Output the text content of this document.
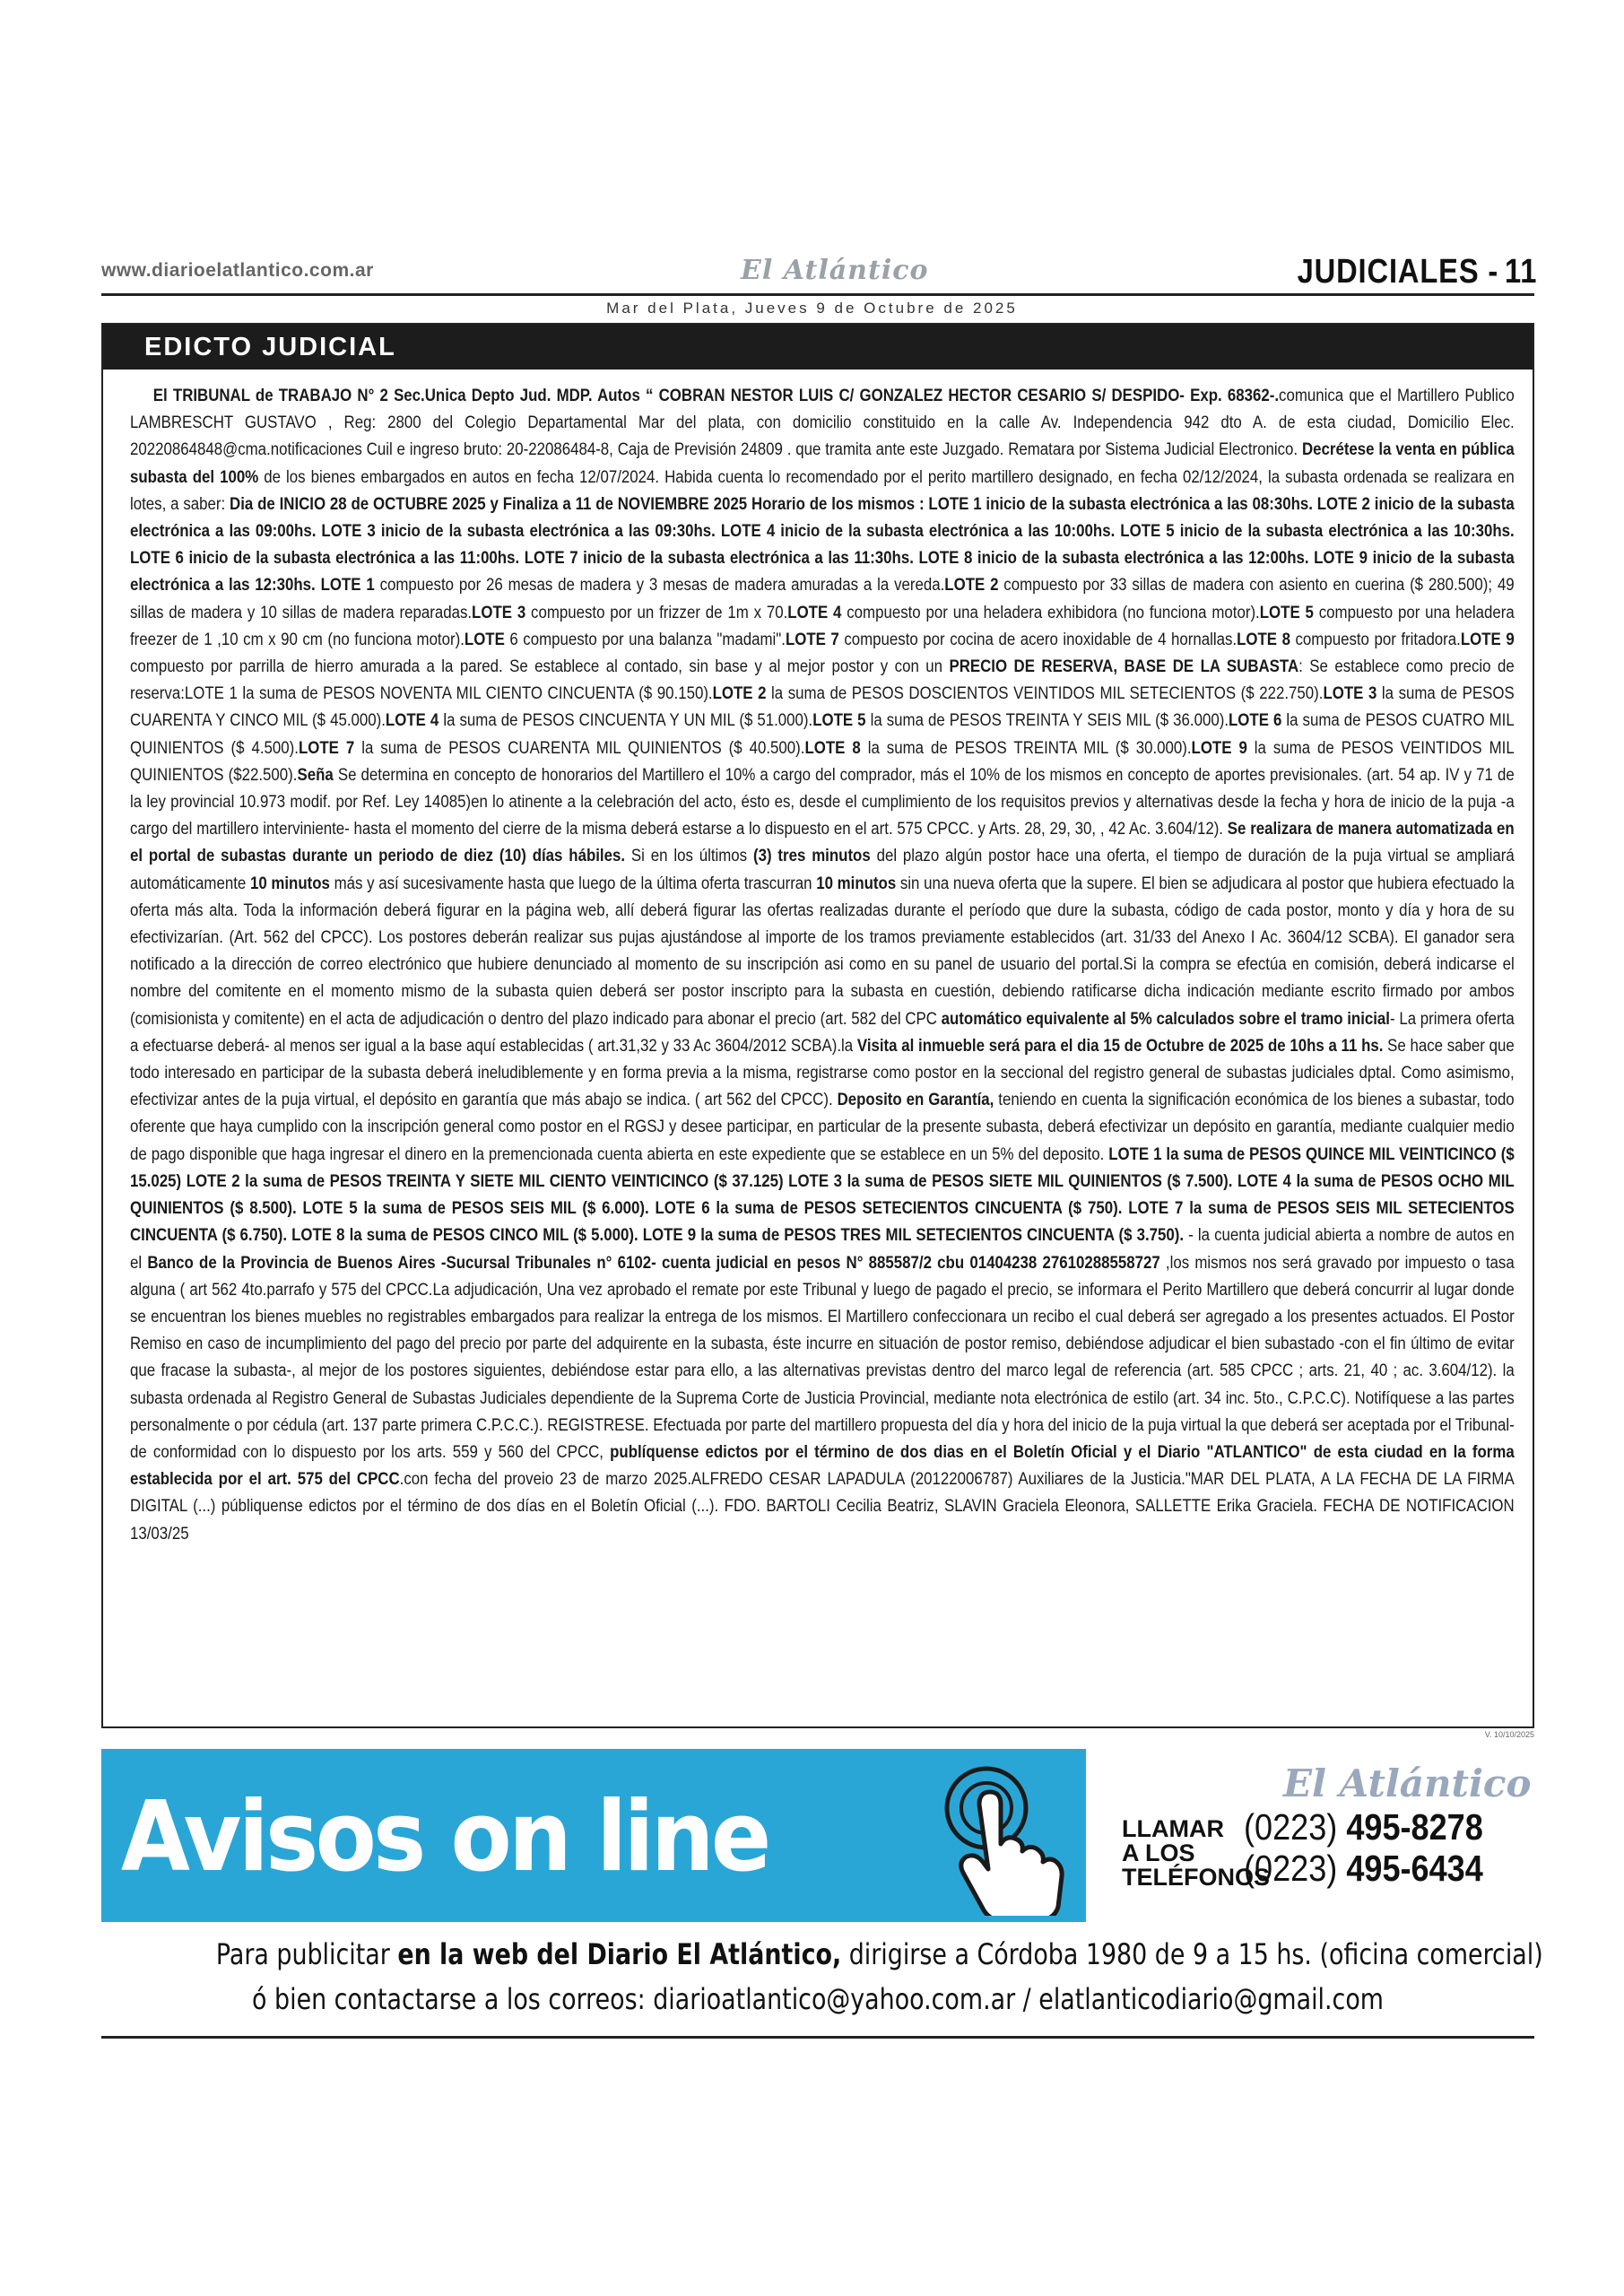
www.diarioelatlantico.com.ar	El Atlántico	JUDICIALES - 11
Mar del Plata, Jueves 9 de Octubre de 2025
EDICTO JUDICIAL

El TRIBUNAL de TRABAJO N° 2 Sec.Unica Depto Jud. MDP. Autos “ COBRAN NESTOR LUIS C/ GONZALEZ HECTOR CESARIO S/ DESPIDO- Exp. 68362-.comunica que el Martillero Publico LAMBRESCHT GUSTAVO , Reg: 2800 del Colegio Departamental Mar del plata, con domicilio constituido en la calle Av. Independencia 942 dto A. de esta ciudad, Domicilio Elec. 20220864848@cma.notificaciones Cuil e ingreso bruto: 20-22086484-8, Caja de Previsión 24809 . que tramita ante este Juzgado. Rematara por Sistema Judicial Electronico. Decrétese la venta en pública subasta del 100% de los bienes embargados en autos en fecha 12/07/2024. Habida cuenta lo recomendado por el perito martillero designado, en fecha 02/12/2024, la subasta ordenada se realizara en lotes, a saber: Dia de INICIO 28 de OCTUBRE 2025 y Finaliza a 11 de NOVIEMBRE 2025 Horario de los mismos : LOTE 1 inicio de la subasta electrónica a las 08:30hs. LOTE 2 inicio de la subasta electrónica a las 09:00hs. LOTE 3 inicio de la subasta electrónica a las 09:30hs. LOTE 4 inicio de la subasta electrónica a las 10:00hs. LOTE 5 inicio de la subasta electrónica a las 10:30hs. LOTE 6 inicio de la subasta electrónica a las 11:00hs. LOTE 7 inicio de la subasta electrónica a las 11:30hs. LOTE 8 inicio de la subasta electrónica a las 12:00hs. LOTE 9 inicio de la subasta electrónica a las 12:30hs. LOTE 1 compuesto por 26 mesas de madera y 3 mesas de madera amuradas a la vereda.LOTE 2 compuesto por 33 sillas de madera con asiento en cuerina ($ 280.500); 49 sillas de madera y 10 sillas de madera reparadas.LOTE 3 compuesto por un frizzer de 1m x 70.LOTE 4 compuesto por una heladera exhibidora (no funciona motor).LOTE 5 compuesto por una heladera freezer de 1 ,10 cm x 90 cm (no funciona motor).LOTE 6 compuesto por una balanza "madami".LOTE 7 compuesto por cocina de acero inoxidable de 4 hornallas.LOTE 8 compuesto por fritadora.LOTE 9 compuesto por parrilla de hierro amurada a la pared. Se establece al contado, sin base y al mejor postor y con un PRECIO DE RESERVA, BASE DE LA SUBASTA: Se establece como precio de reserva:LOTE 1 la suma de PESOS NOVENTA MIL CIENTO CINCUENTA ($ 90.150).LOTE 2 la suma de PESOS DOSCIENTOS VEINTIDOS MIL SETECIENTOS ($ 222.750).LOTE 3 la suma de PESOS CUARENTA Y CINCO MIL ($ 45.000).LOTE 4 la suma de PESOS CINCUENTA Y UN MIL ($ 51.000).LOTE 5 la suma de PESOS TREINTA Y SEIS MIL ($ 36.000).LOTE 6 la suma de PESOS CUATRO MIL QUINIENTOS ($ 4.500).LOTE 7 la suma de PESOS CUARENTA MIL QUINIENTOS ($ 40.500).LOTE 8 la suma de PESOS TREINTA MIL ($ 30.000).LOTE 9 la suma de PESOS VEINTIDOS MIL QUINIENTOS ($22.500).Seña Se determina en concepto de honorarios del Martillero el 10% a cargo del comprador, más el 10% de los mismos en concepto de aportes previsionales. (art. 54 ap. IV y 71 de la ley provincial 10.973 modif. por Ref. Ley 14085)en lo atinente a la celebración del acto, ésto es, desde el cumplimiento de los requisitos previos y alternativas desde la fecha y hora de inicio de la puja -a cargo del martillero interviniente- hasta el momento del cierre de la misma deberá estarse a lo dispuesto en el art. 575 CPCC. y Arts. 28, 29, 30, , 42 Ac. 3.604/12). Se realizara de manera automatizada en el portal de subastas durante un periodo de diez (10) días hábiles. Si en los últimos (3) tres minutos del plazo algún postor hace una oferta, el tiempo de duración de la puja virtual se ampliará automáticamente 10 minutos más y así sucesivamente hasta que luego de la última oferta trascurran 10 minutos sin una nueva oferta que la supere. El bien se adjudicara al postor que hubiera efectuado la oferta más alta. Toda la información deberá figurar en la página web, allí deberá figurar las ofertas realizadas durante el período que dure la subasta, código de cada postor, monto y día y hora de su efectivizarían. (Art. 562 del CPCC). Los postores deberán realizar sus pujas ajustándose al importe de los tramos previamente establecidos (art. 31/33 del Anexo I Ac. 3604/12 SCBA). El ganador sera notificado a la dirección de correo electrónico que hubiere denunciado al momento de su inscripción asi como en su panel de usuario del portal.Si la compra se efectúa en comisión, deberá indicarse el nombre del comitente en el momento mismo de la subasta quien deberá ser postor inscripto para la subasta en cuestión, debiendo ratificarse dicha indicación mediante escrito firmado por ambos (comisionista y comitente) en el acta de adjudicación o dentro del plazo indicado para abonar el precio (art. 582 del CPC automático equivalente al 5% calculados sobre el tramo inicial- La primera oferta a efectuarse deberá- al menos ser igual a la base aquí establecidas ( art.31,32 y 33 Ac 3604/2012 SCBA).la Visita al inmueble será para el dia 15 de Octubre de 2025 de 10hs a 11 hs. Se hace saber que todo interesado en participar de la subasta deberá ineludiblemente y en forma previa a la misma, registrarse como postor en la seccional del registro general de subastas judiciales dptal. Como asimismo, efectivizar antes de la puja virtual, el depósito en garantía que más abajo se indica. ( art 562 del CPCC). Deposito en Garantía, teniendo en cuenta la significación económica de los bienes a subastar, todo oferente que haya cumplido con la inscripción general como postor en el RGSJ y desee participar, en particular de la presente subasta, deberá efectivizar un depósito en garantía, mediante cualquier medio de pago disponible que haga ingresar el dinero en la premencionada cuenta abierta en este expediente que se establece en un 5% del deposito. LOTE 1 la suma de PESOS QUINCE MIL VEINTICINCO ($ 15.025) LOTE 2 la suma de PESOS TREINTA Y SIETE MIL CIENTO VEINTICINCO ($ 37.125) LOTE 3 la suma de PESOS SIETE MIL QUINIENTOS ($ 7.500). LOTE 4 la suma de PESOS OCHO MIL QUINIENTOS ($ 8.500). LOTE 5 la suma de PESOS SEIS MIL ($ 6.000). LOTE 6 la suma de PESOS SETECIENTOS CINCUENTA ($ 750). LOTE 7 la suma de PESOS SEIS MIL SETECIENTOS CINCUENTA ($ 6.750). LOTE 8 la suma de PESOS CINCO MIL ($ 5.000). LOTE 9 la suma de PESOS TRES MIL SETECIENTOS CINCUENTA ($ 3.750). - la cuenta judicial abierta a nombre de autos en el Banco de la Provincia de Buenos Aires -Sucursal Tribunales n° 6102- cuenta judicial en pesos N° 885587/2 cbu 01404238 27610288558727 ,los mismos nos será gravado por impuesto o tasa alguna ( art 562 4to.parrafo y 575 del CPCC.La adjudicación, Una vez aprobado el remate por este Tribunal y luego de pagado el precio, se informara el Perito Martillero que deberá concurrir al lugar donde se encuentran los bienes muebles no registrables embargados para realizar la entrega de los mismos. El Martillero confeccionara un recibo el cual deberá ser agregado a los presentes actuados. El Postor Remiso en caso de incumplimiento del pago del precio por parte del adquirente en la subasta, éste incurre en situación de postor remiso, debiéndose adjudicar el bien subastado -con el fin último de evitar que fracase la subasta-, al mejor de los postores siguientes, debiéndose estar para ello, a las alternativas previstas dentro del marco legal de referencia (art. 585 CPCC ; arts. 21, 40 ; ac. 3.604/12). la subasta ordenada al Registro General de Subastas Judiciales dependiente de la Suprema Corte de Justicia Provincial, mediante nota electrónica de estilo (art. 34 inc. 5to., C.P.C.C). Notifíquese a las partes personalmente o por cédula (art. 137 parte primera C.P.C.C.). REGISTRESE. Efectuada por parte del martillero propuesta del día y hora del inicio de la puja virtual la que deberá ser aceptada por el Tribunal- de conformidad con lo dispuesto por los arts. 559 y 560 del CPCC, publíquense edictos por el término de dos dias en el Boletín Oficial y el Diario "ATLANTICO" de esta ciudad en la forma establecida por el art. 575 del CPCC.con fecha del proveio 23 de marzo 2025.ALFREDO CESAR LAPADULA (20122006787) Auxiliares de la Justicia."MAR DEL PLATA, A LA FECHA DE LA FIRMA DIGITAL (...) públiquense edictos por el término de dos días en el Boletín Oficial (...). FDO. BARTOLI Cecilia Beatriz, SLAVIN Graciela Eleonora, SALLETTE Erika Graciela. FECHA DE NOTIFICACION 13/03/25

V. 10/10/2025
Avisos on line	El Atlántico
LLAMAR
A LOS
TELÉFONOS
(0223) 495-8278
(0223) 495-6434
Para publicitar en la web del Diario El Atlántico, dirigirse a Córdoba 1980 de 9 a 15 hs. (oficina comercial)
ó bien contactarse a los correos: diarioatlantico@yahoo.com.ar / elatlanticodiario@gmail.com
